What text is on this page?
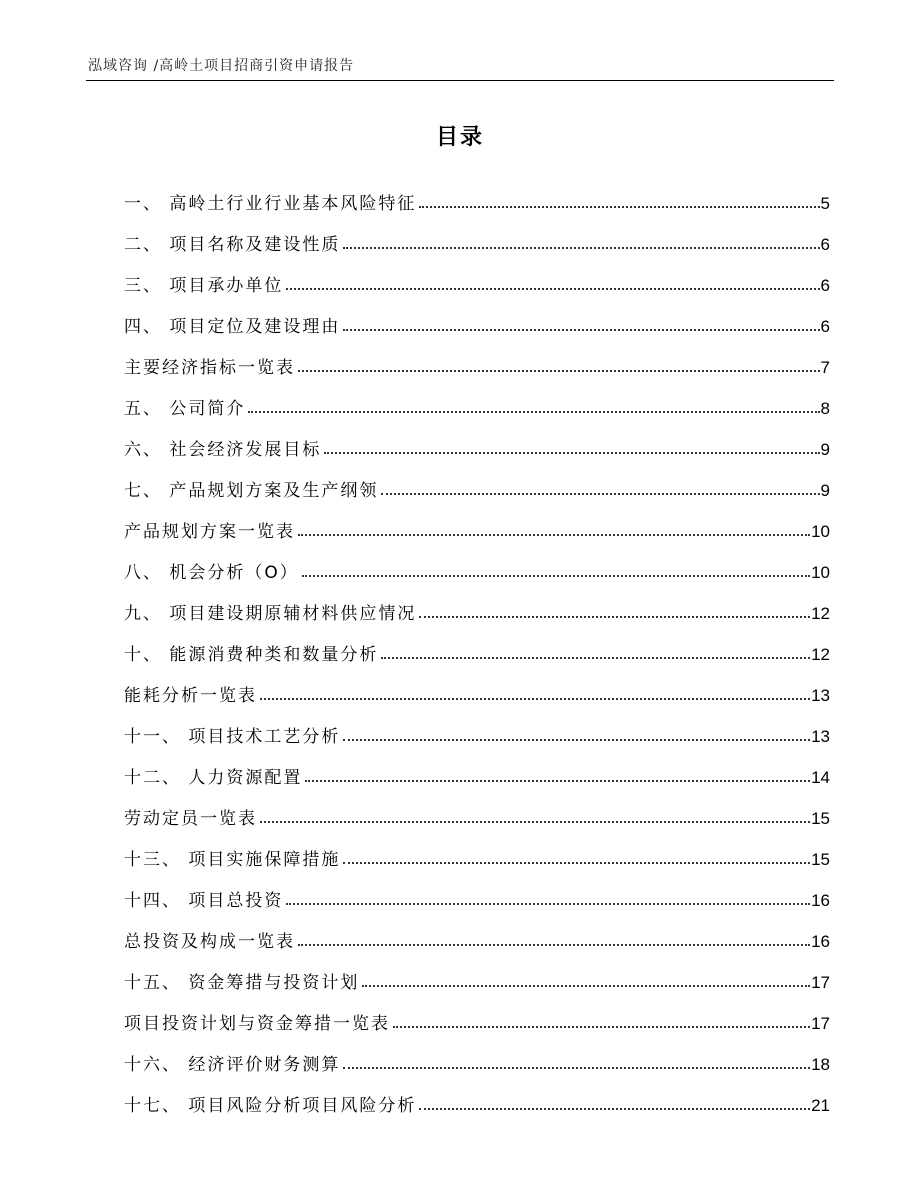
泓域咨询 /高岭土项目招商引资申请报告
目录
一、 高岭土行业行业基本风险特征	5
二、 项目名称及建设性质	6
三、 项目承办单位	6
四、 项目定位及建设理由	6
主要经济指标一览表	7
五、 公司简介	8
六、 社会经济发展目标	9
七、 产品规划方案及生产纲领	9
产品规划方案一览表	10
八、 机会分析（O）	10
九、 项目建设期原辅材料供应情况	12
十、 能源消费种类和数量分析	12
能耗分析一览表	13
十一、 项目技术工艺分析	13
十二、 人力资源配置	14
劳动定员一览表	15
十三、 项目实施保障措施	15
十四、 项目总投资	16
总投资及构成一览表	16
十五、 资金筹措与投资计划	17
项目投资计划与资金筹措一览表	17
十六、 经济评价财务测算	18
十七、 项目风险分析项目风险分析	21
